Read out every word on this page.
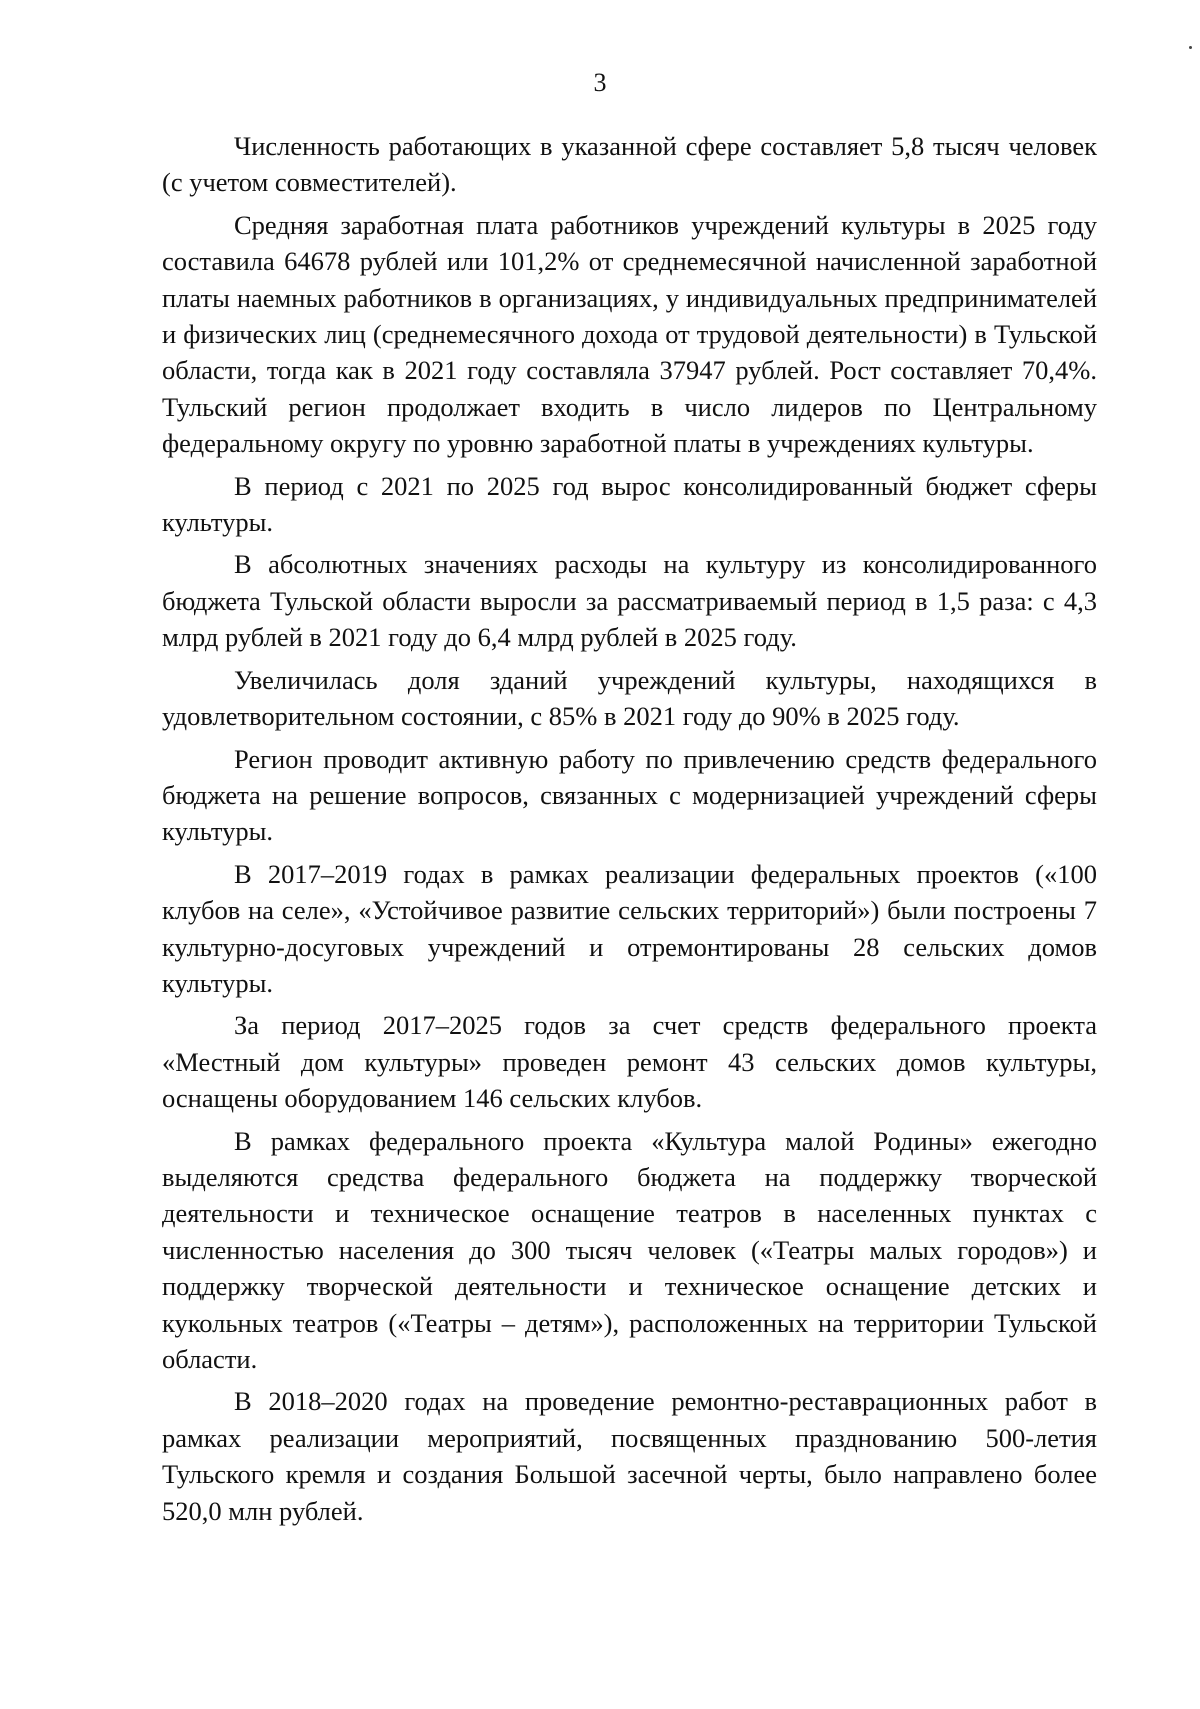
3

Численность работающих в указанной сфере составляет 5,8 тысяч человек (с учетом совместителей).

Средняя заработная плата работников учреждений культуры в 2025 году составила 64678 рублей или 101,2% от среднемесячной начисленной заработной платы наемных работников в организациях, у индивидуальных предпринимателей и физических лиц (среднемесячного дохода от трудовой деятельности) в Тульской области, тогда как в 2021 году составляла 37947 рублей. Рост составляет 70,4%. Тульский регион продолжает входить в число лидеров по Центральному федеральному округу по уровню заработной платы в учреждениях культуры.

В период с 2021 по 2025 год вырос консолидированный бюджет сферы культуры.

В абсолютных значениях расходы на культуру из консолидированного бюджета Тульской области выросли за рассматриваемый период в 1,5 раза: с 4,3 млрд рублей в 2021 году до 6,4 млрд рублей в 2025 году.

Увеличилась доля зданий учреждений культуры, находящихся в удовлетворительном состоянии, с 85% в 2021 году до 90% в 2025 году.

Регион проводит активную работу по привлечению средств федерального бюджета на решение вопросов, связанных с модернизацией учреждений сферы культуры.

В 2017–2019 годах в рамках реализации федеральных проектов («100 клубов на селе», «Устойчивое развитие сельских территорий») были построены 7 культурно-досуговых учреждений и отремонтированы 28 сельских домов культуры.

За период 2017–2025 годов за счет средств федерального проекта «Местный дом культуры» проведен ремонт 43 сельских домов культуры, оснащены оборудованием 146 сельских клубов.

В рамках федерального проекта «Культура малой Родины» ежегодно выделяются средства федерального бюджета на поддержку творческой деятельности и техническое оснащение театров в населенных пунктах с численностью населения до 300 тысяч человек («Театры малых городов») и поддержку творческой деятельности и техническое оснащение детских и кукольных театров («Театры – детям»), расположенных на территории Тульской области.

В 2018–2020 годах на проведение ремонтно-реставрационных работ в рамках реализации мероприятий, посвященных празднованию 500-летия Тульского кремля и создания Большой засечной черты, было направлено более 520,0 млн рублей.
